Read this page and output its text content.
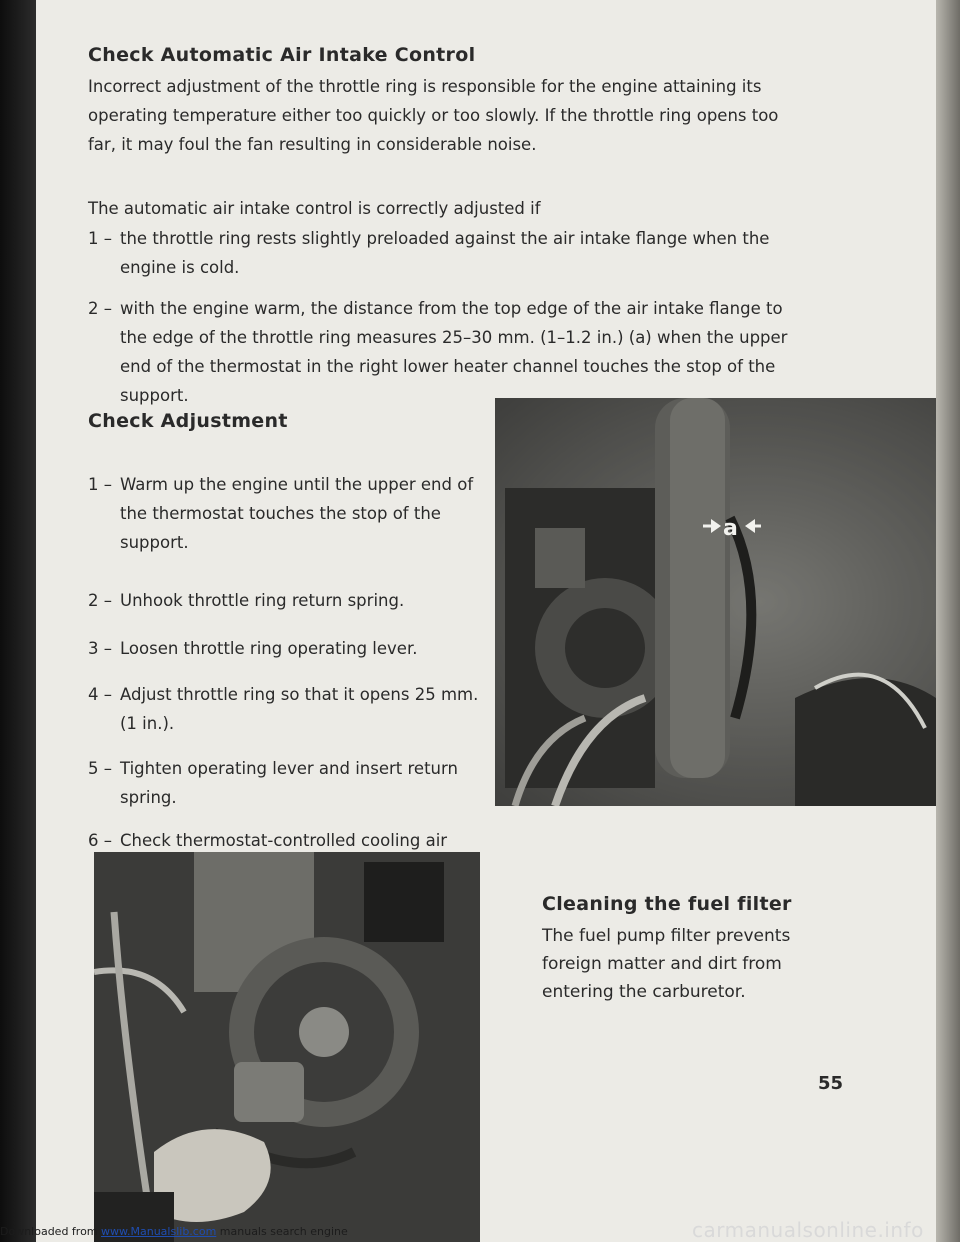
Check Automatic Air Intake Control

Incorrect adjustment of the throttle ring is responsible for the engine attaining its operating temperature either too quickly or too slowly. If the throttle ring opens too far, it may foul the fan resulting in considerable noise.

The automatic air intake control is correctly adjusted if

1 – the throttle ring rests slightly preloaded against the air intake flange when the engine is cold.
2 – with the engine warm, the distance from the top edge of the air intake flange to the edge of the throttle ring measures 25–30 mm. (1–1.2 in.) (a) when the upper end of the thermostat in the right lower heater channel touches the stop of the support.
Check Adjustment
1 – Warm up the engine until the upper end of the thermostat touches the stop of the support.
2 – Unhook throttle ring return spring.
3 – Loosen throttle ring operating lever.
4 – Adjust throttle ring so that it opens 25 mm. (1 in.).
5 – Tighten operating lever and insert return spring.
6 – Check thermostat-controlled cooling air
a
Cleaning the fuel filter

The fuel pump filter prevents foreign matter and dirt from entering the carburetor.

55
Downloaded from www.Manualslib.com manuals search engine	carmanualsonline.info
